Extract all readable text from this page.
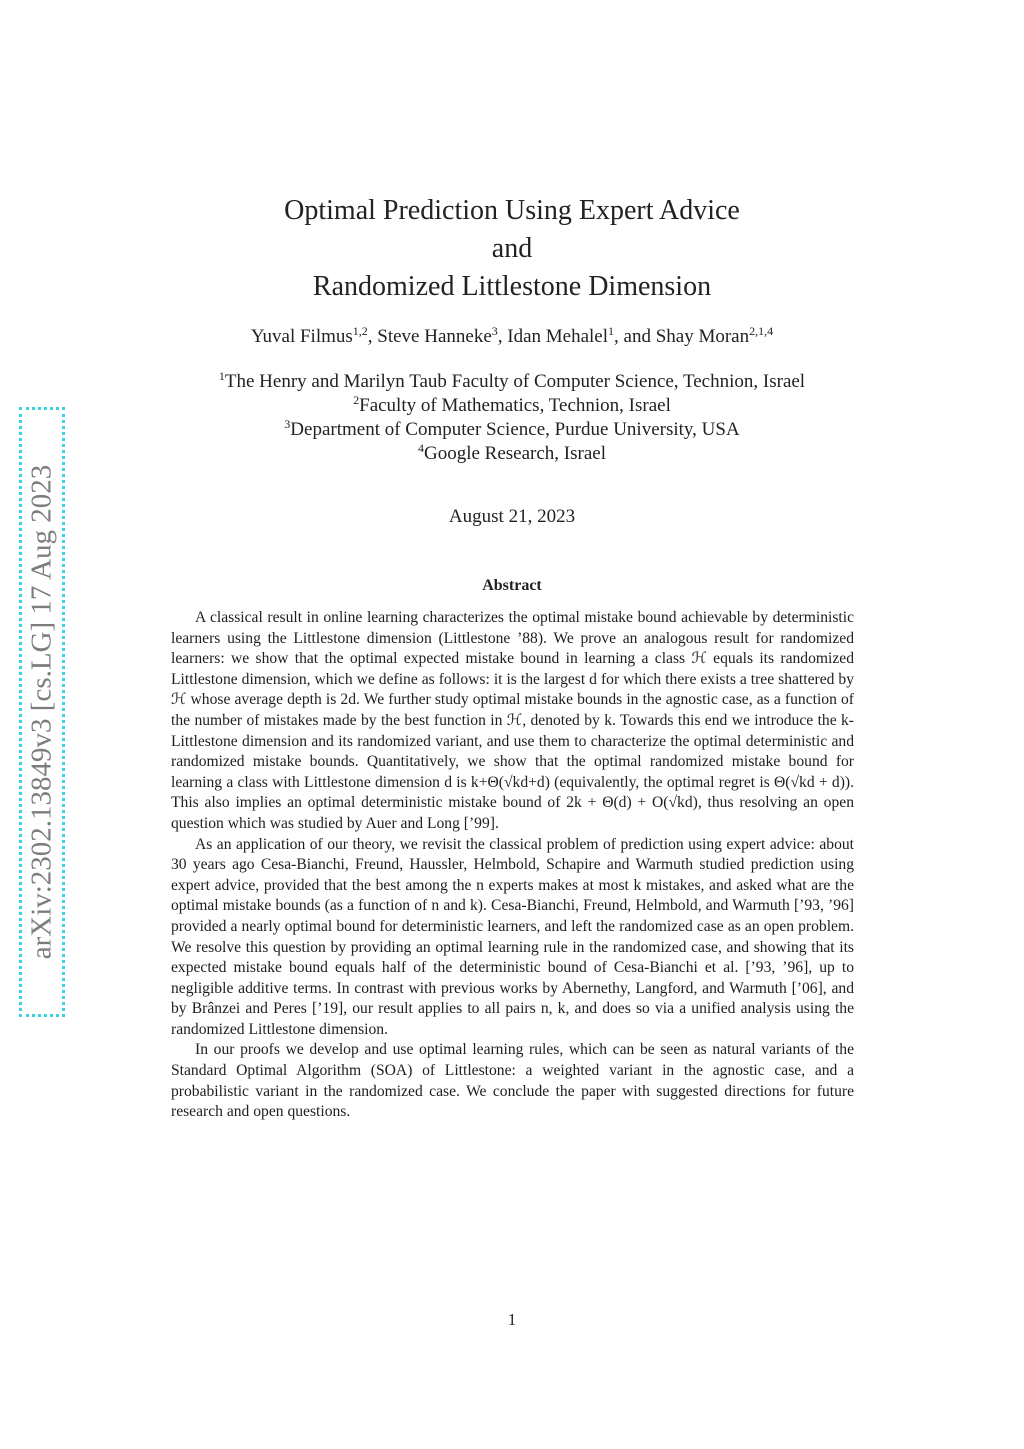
arXiv:2302.13849v3 [cs.LG] 17 Aug 2023
Optimal Prediction Using Expert Advice
and
Randomized Littlestone Dimension
Yuval Filmus$^{1,2}$, Steve Hanneke$^3$, Idan Mehalel$^1$, and Shay Moran$^{2,1,4}$
$^1$The Henry and Marilyn Taub Faculty of Computer Science, Technion, Israel
$^2$Faculty of Mathematics, Technion, Israel
$^3$Department of Computer Science, Purdue University, USA
$^4$Google Research, Israel
August 21, 2023
Abstract

A classical result in online learning characterizes the optimal mistake bound achievable by deterministic learners using the Littlestone dimension (Littlestone ’88). We prove an analogous result for randomized learners: we show that the optimal expected mistake bound in learning a class ℋ equals its randomized Littlestone dimension, which we define as follows: it is the largest d for which there exists a tree shattered by ℋ whose average depth is 2d. We further study optimal mistake bounds in the agnostic case, as a function of the number of mistakes made by the best function in ℋ, denoted by k. Towards this end we introduce the k-Littlestone dimension and its randomized variant, and use them to characterize the optimal deterministic and randomized mistake bounds. Quantitatively, we show that the optimal randomized mistake bound for learning a class with Littlestone dimension d is k+Θ(√kd+d) (equivalently, the optimal regret is Θ(√kd + d)). This also implies an optimal deterministic mistake bound of 2k + Θ(d) + O(√kd), thus resolving an open question which was studied by Auer and Long [’99].

As an application of our theory, we revisit the classical problem of prediction using expert advice: about 30 years ago Cesa-Bianchi, Freund, Haussler, Helmbold, Schapire and Warmuth studied prediction using expert advice, provided that the best among the n experts makes at most k mistakes, and asked what are the optimal mistake bounds (as a function of n and k). Cesa-Bianchi, Freund, Helmbold, and Warmuth [’93, ’96] provided a nearly optimal bound for deterministic learners, and left the randomized case as an open problem. We resolve this question by providing an optimal learning rule in the randomized case, and showing that its expected mistake bound equals half of the deterministic bound of Cesa-Bianchi et al. [’93, ’96], up to negligible additive terms. In contrast with previous works by Abernethy, Langford, and Warmuth [’06], and by Brânzei and Peres [’19], our result applies to all pairs n, k, and does so via a unified analysis using the randomized Littlestone dimension.

In our proofs we develop and use optimal learning rules, which can be seen as natural variants of the Standard Optimal Algorithm (SOA) of Littlestone: a weighted variant in the agnostic case, and a probabilistic variant in the randomized case. We conclude the paper with suggested directions for future research and open questions.

1
